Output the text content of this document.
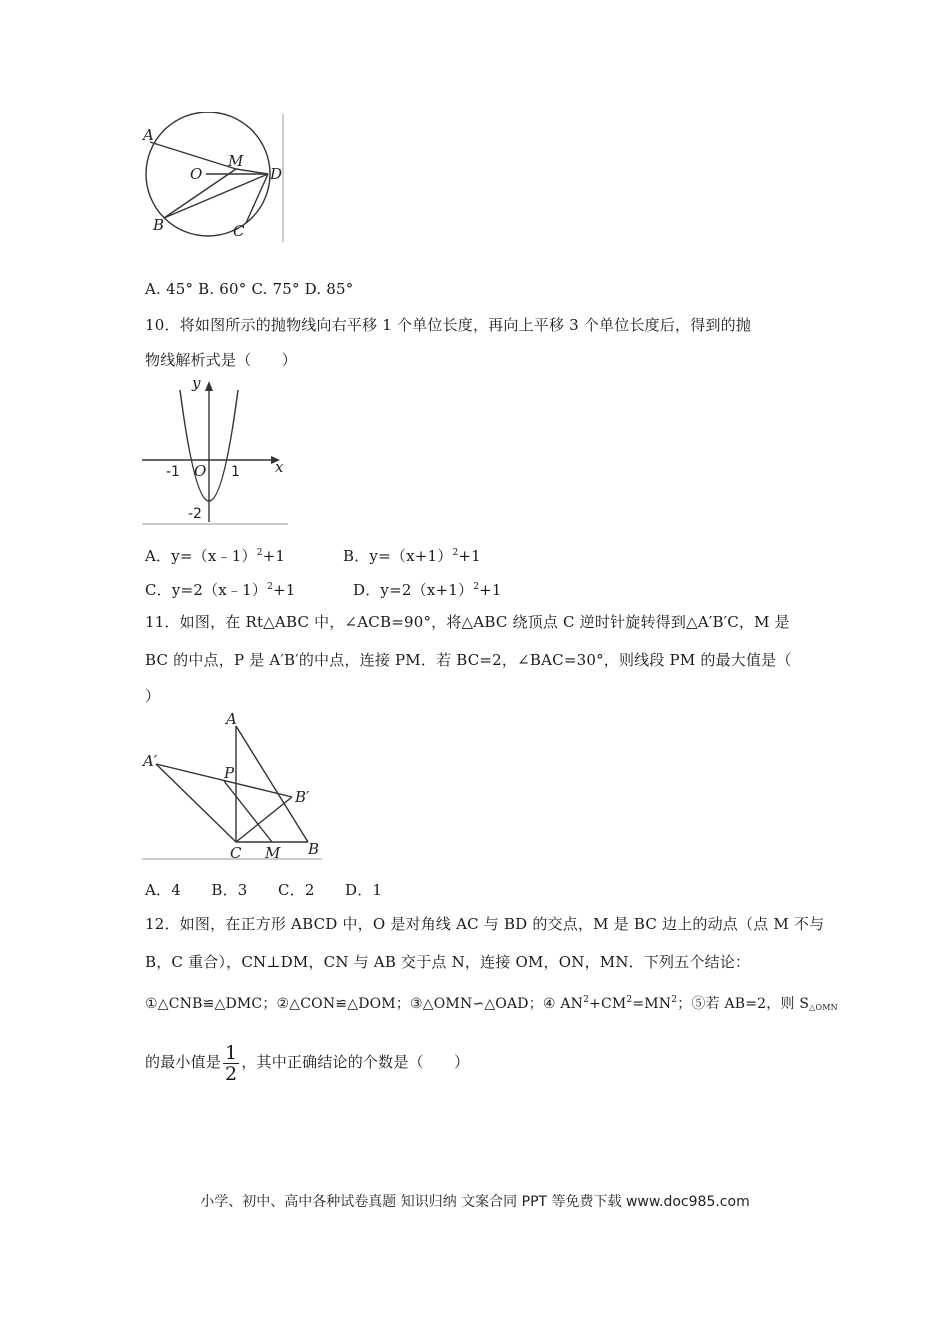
A
O
M
D
B	C
A. 45° B. 60° C. 75° D. 85°
10．将如图所示的抛物线向右平移 1 个单位长度，再向上平移 3 个单位长度后，得到的抛
物线解析式是（　　）
y
x
O
-1	1
-2
A．y=（x﹣1）$^2$+1	B．$y=(x+1)^2+1$
C．y=2（x﹣1）$^2$+1	D．$y=2(x+1)^2+1$
11．如图，在 Rt△ABC 中，∠ACB=90°，将△ABC 绕顶点 C 逆时针旋转得到△A′B′C，M 是
BC 的中点，P 是 A′B′的中点，连接 PM．若 BC=2，∠BAC=30°，则线段 PM 的最大值是（
）
A
A′
P
B′
C M B
A．4　　B．3　　C．2　　D．1
12．如图，在正方形 ABCD 中，O 是对角线 AC 与 BD 的交点，M 是 BC 边上的动点（点 M 不与
B，C 重合），CN⊥DM，CN 与 AB 交于点 N，连接 OM，ON，MN．下列五个结论：
①△CNB≌△DMC；②△CON≌△DOM；③△OMN∽△OAD；④ $AN^2+CM^2=MN^2$；⑤若 AB=2，则 $S_{\triangle OMN}$
的最小值是 $\frac{1}{2}$ ，其中正确结论的个数是（　　）
小学、初中、高中各种试卷真题 知识归纳 文案合同 PPT 等免费下载 www.doc985.com
